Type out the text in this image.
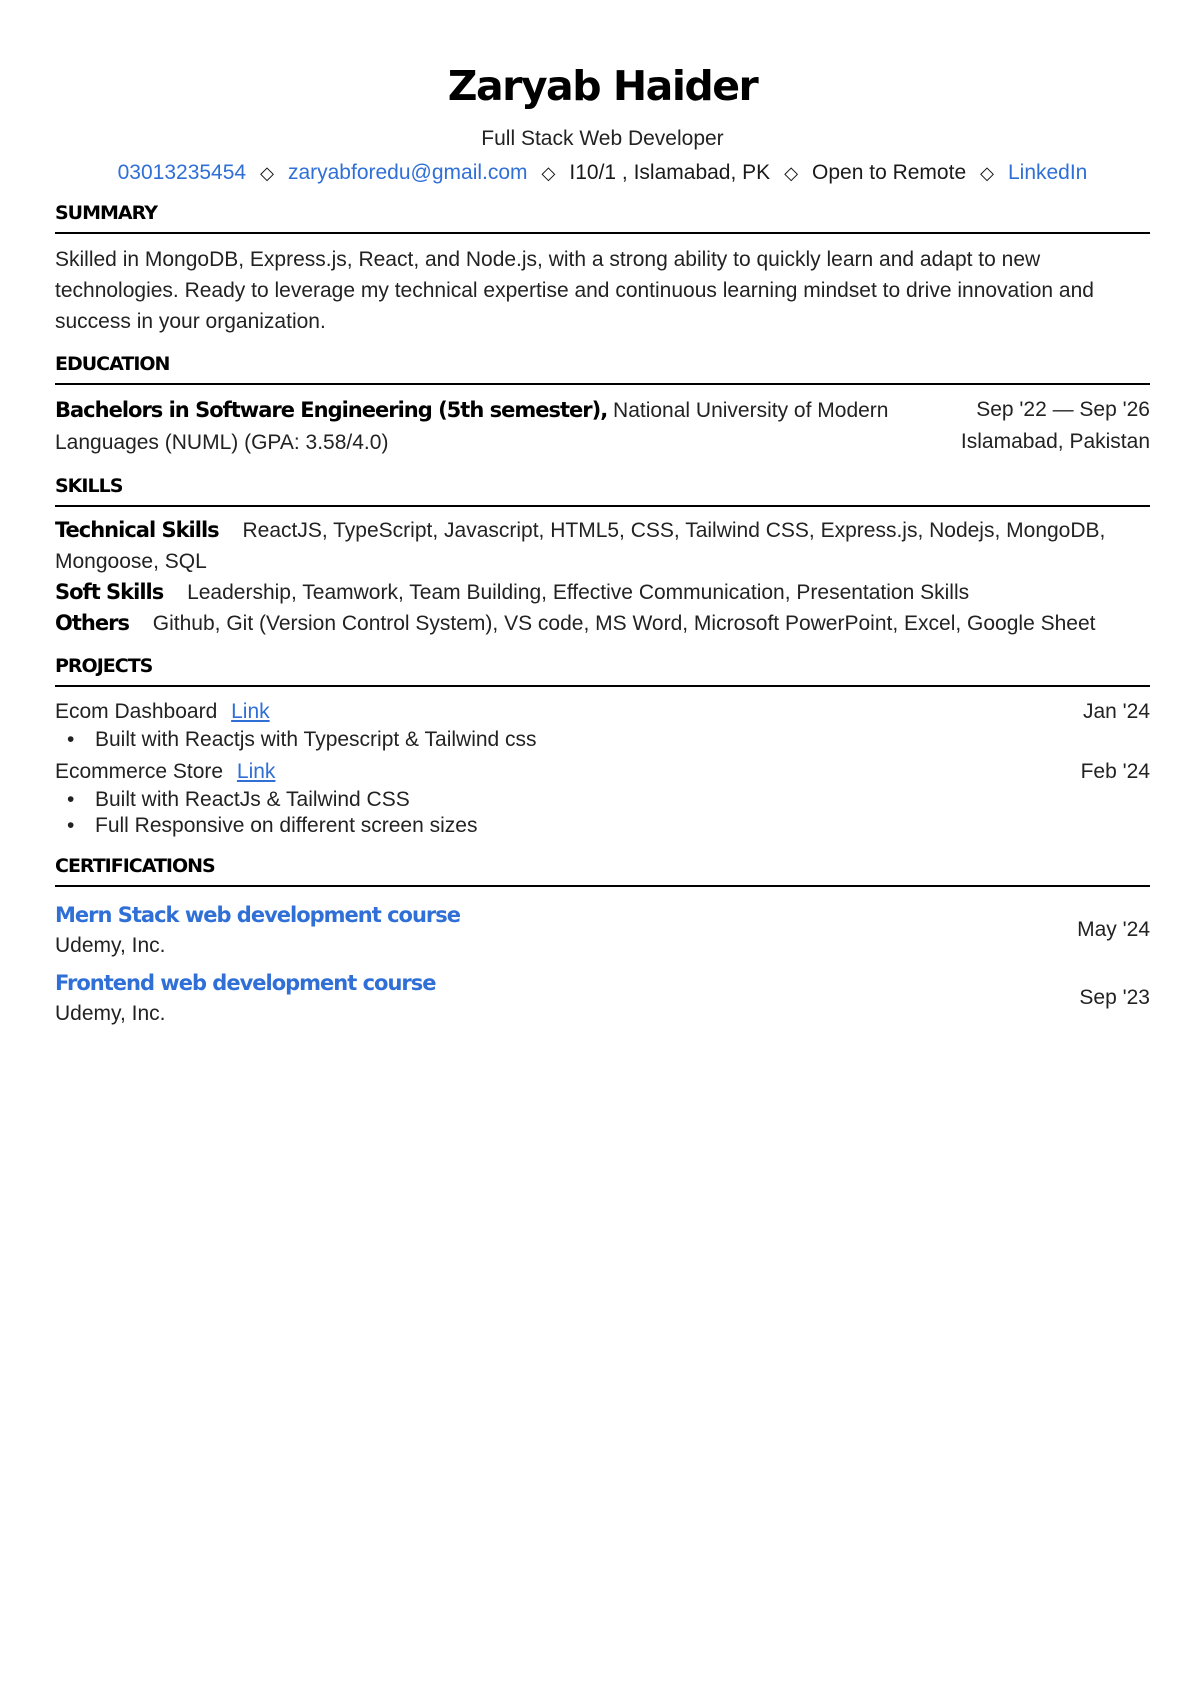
Zaryab Haider
Full Stack Web Developer
03013235454 ◇ zaryabforedu@gmail.com ◇ I10/1 , Islamabad, PK ◇ Open to Remote ◇ LinkedIn
SUMMARY
Skilled in MongoDB, Express.js, React, and Node.js, with a strong ability to quickly learn and adapt to new technologies. Ready to leverage my technical expertise and continuous learning mindset to drive innovation and success in your organization.
EDUCATION
Bachelors in Software Engineering (5th semester), National University of Modern Languages (NUML) (GPA: 3.58/4.0)
Sep '22 — Sep '26
Islamabad, Pakistan
SKILLS
Technical Skills ReactJS, TypeScript, Javascript, HTML5, CSS, Tailwind CSS, Express.js, Nodejs, MongoDB, Mongoose, SQL
Soft Skills Leadership, Teamwork, Team Building, Effective Communication, Presentation Skills
Others Github, Git (Version Control System), VS code, MS Word, Microsoft PowerPoint, Excel, Google Sheet
PROJECTS
Ecom Dashboard Link	Jan '24
• Built with Reactjs with Typescript & Tailwind css
Ecommerce Store Link	Feb '24
• Built with ReactJs & Tailwind CSS
• Full Responsive on different screen sizes
CERTIFICATIONS
Mern Stack web development course
Udemy, Inc.
May '24
Frontend web development course
Udemy, Inc.
Sep '23
